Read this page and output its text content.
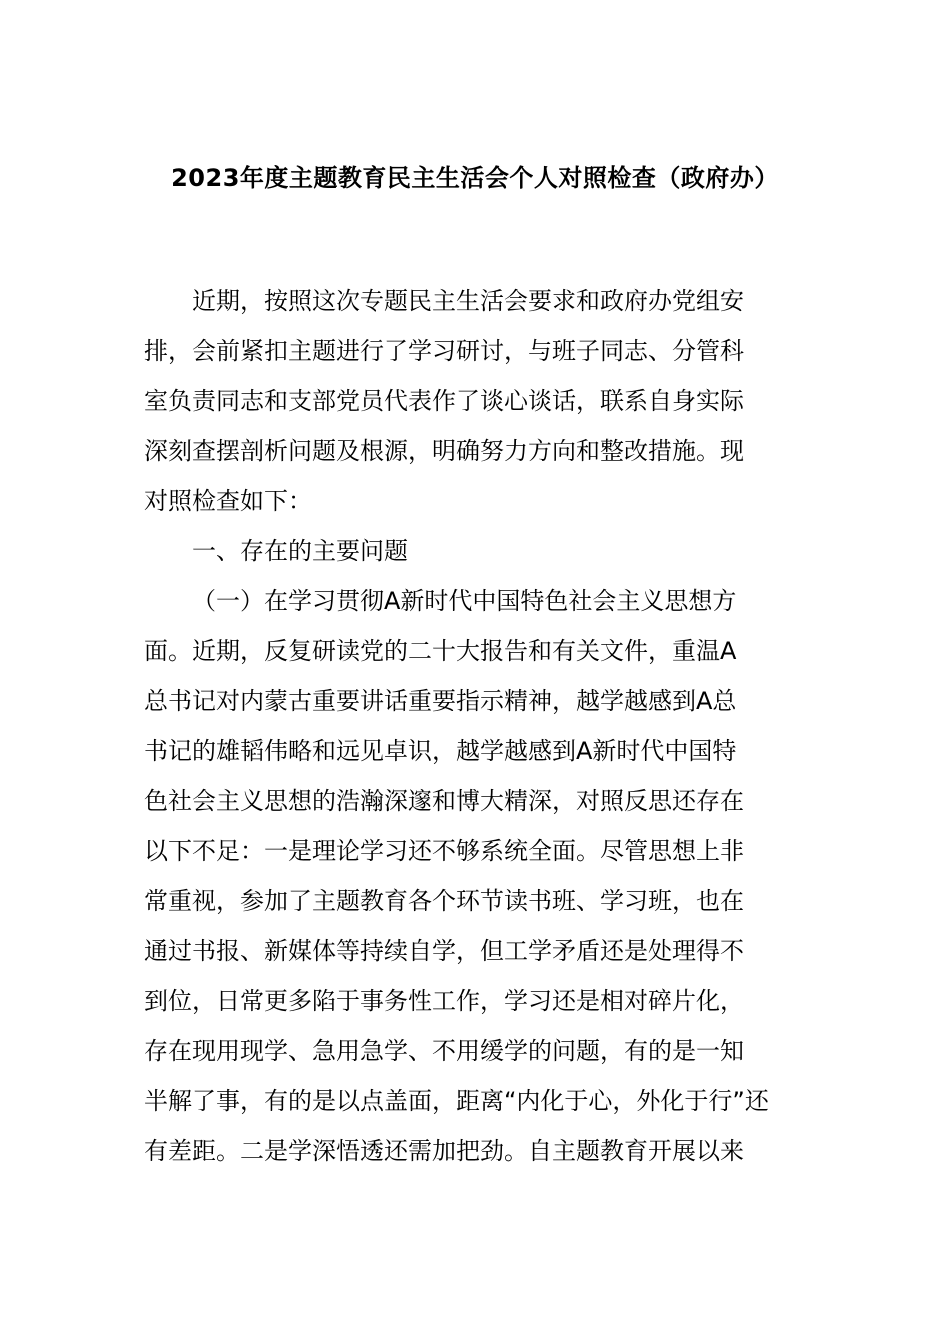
2023年度主题教育民主生活会个人对照检查（政府办）
近期，按照这次专题民主生活会要求和政府办党组安
排，会前紧扣主题进行了学习研讨，与班子同志、分管科
室负责同志和支部党员代表作了谈心谈话，联系自身实际
深刻查摆剖析问题及根源，明确努力方向和整改措施。现
对照检查如下：
一、存在的主要问题
（一）在学习贯彻A新时代中国特色社会主义思想方
面。近期，反复研读党的二十大报告和有关文件，重温A
总书记对内蒙古重要讲话重要指示精神，越学越感到A总
书记的雄韬伟略和远见卓识，越学越感到A新时代中国特
色社会主义思想的浩瀚深邃和博大精深，对照反思还存在
以下不足：一是理论学习还不够系统全面。尽管思想上非
常重视，参加了主题教育各个环节读书班、学习班，也在
通过书报、新媒体等持续自学，但工学矛盾还是处理得不
到位，日常更多陷于事务性工作，学习还是相对碎片化，
存在现用现学、急用急学、不用缓学的问题，有的是一知
半解了事，有的是以点盖面，距离“内化于心，外化于行”还
有差距。二是学深悟透还需加把劲。自主题教育开展以来
